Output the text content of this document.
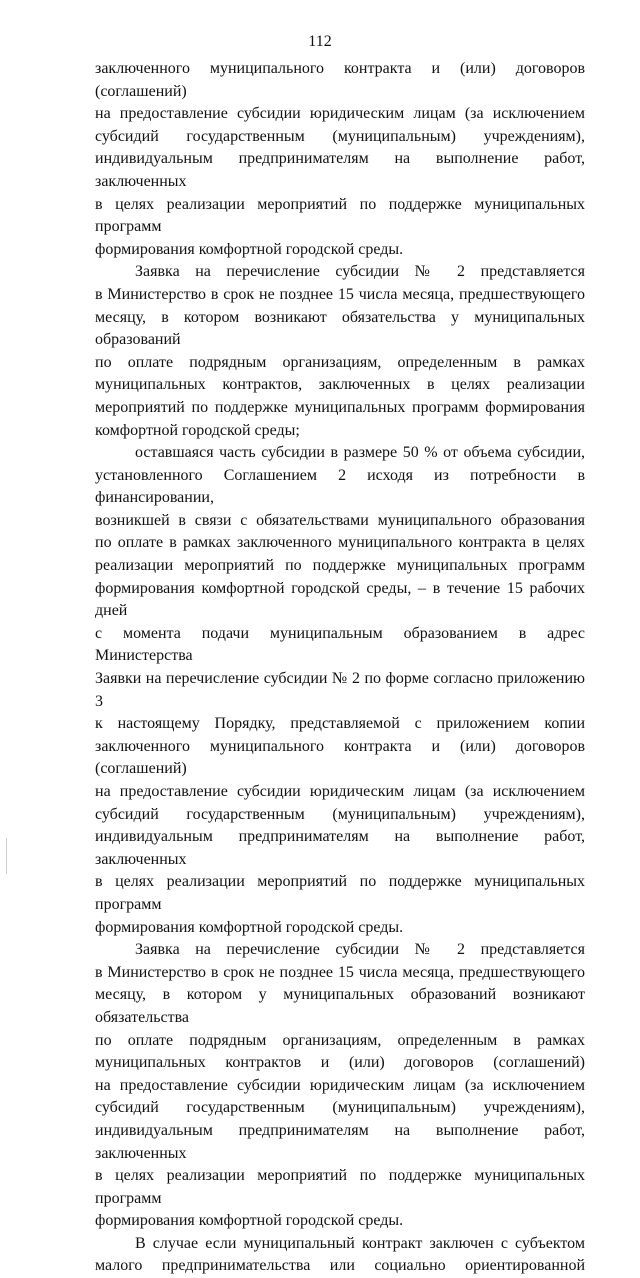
112

заключенного муниципального контракта и (или) договоров (соглашений)

на предоставление субсидии юридическим лицам (за исключением

субсидий государственным (муниципальным) учреждениям),

индивидуальным предпринимателям на выполнение работ, заключенных

в целях реализации мероприятий по поддержке муниципальных программ

формирования комфортной городской среды.

Заявка на перечисление субсидии № 2 представляется

в Министерство в срок не позднее 15 числа месяца, предшествующего

месяцу, в котором возникают обязательства у муниципальных образований

по оплате подрядным организациям, определенным в рамках

муниципальных контрактов, заключенных в целях реализации

мероприятий по поддержке муниципальных программ формирования

комфортной городской среды;

оставшаяся часть субсидии в размере 50 % от объема субсидии,

установленного Соглашением 2 исходя из потребности в финансировании,

возникшей в связи с обязательствами муниципального образования

по оплате в рамках заключенного муниципального контракта в целях

реализации мероприятий по поддержке муниципальных программ

формирования комфортной городской среды, – в течение 15 рабочих дней

с момента подачи муниципальным образованием в адрес Министерства

Заявки на перечисление субсидии № 2 по форме согласно приложению 3

к настоящему Порядку, представляемой с приложением копии

заключенного муниципального контракта и (или) договоров (соглашений)

на предоставление субсидии юридическим лицам (за исключением

субсидий государственным (муниципальным) учреждениям),

индивидуальным предпринимателям на выполнение работ, заключенных

в целях реализации мероприятий по поддержке муниципальных программ

формирования комфортной городской среды.

Заявка на перечисление субсидии № 2 представляется

в Министерство в срок не позднее 15 числа месяца, предшествующего

месяцу, в котором у муниципальных образований возникают обязательства

по оплате подрядным организациям, определенным в рамках

муниципальных контрактов и (или) договоров (соглашений)

на предоставление субсидии юридическим лицам (за исключением

субсидий государственным (муниципальным) учреждениям),

индивидуальным предпринимателям на выполнение работ, заключенных

в целях реализации мероприятий по поддержке муниципальных программ

формирования комфортной городской среды.

В случае если муниципальный контракт заключен с субъектом

малого предпринимательства или социально ориентированной
